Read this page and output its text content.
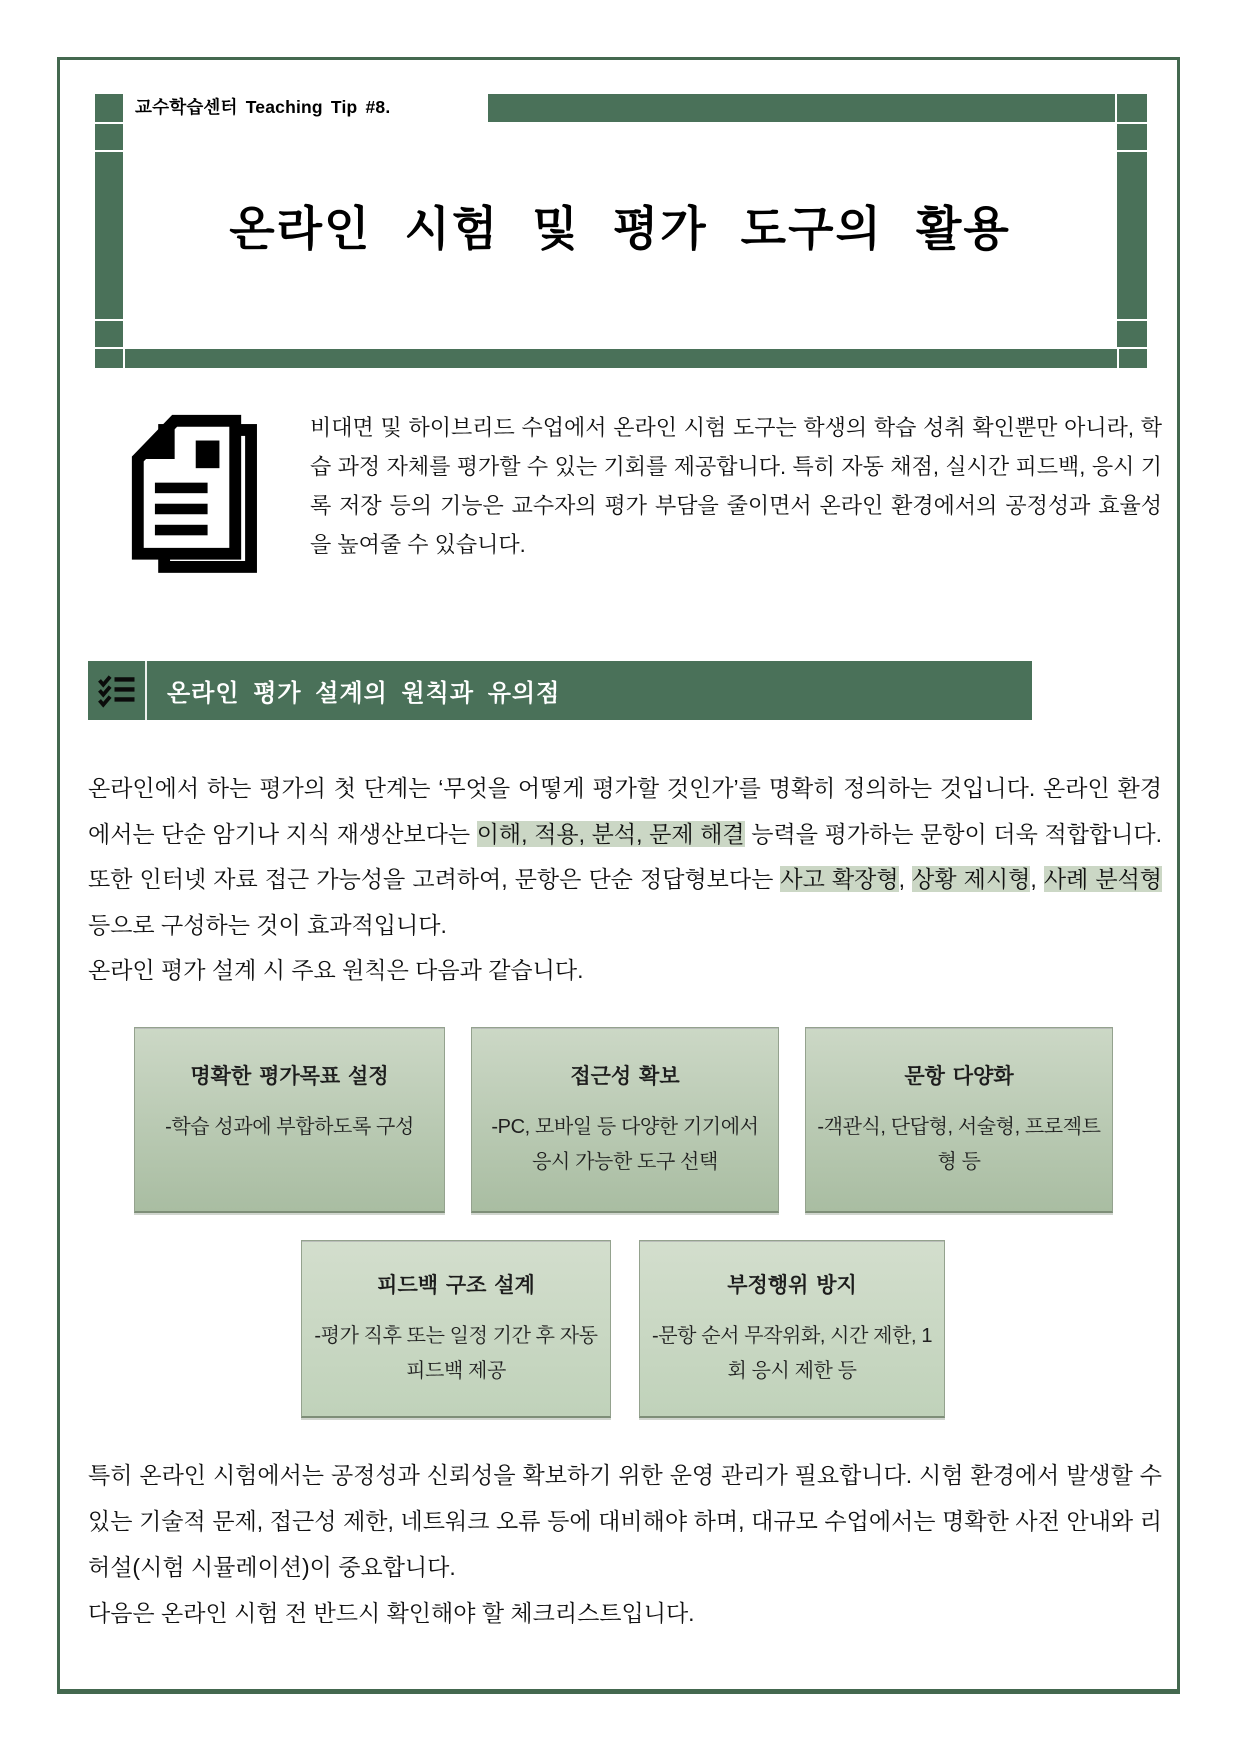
교수학습센터 Teaching Tip #8.
온라인 시험 및 평가 도구의 활용

비대면 및 하이브리드 수업에서 온라인 시험 도구는 학생의 학습 성취 확인뿐만 아니라, 학습 과정 자체를 평가할 수 있는 기회를 제공합니다. 특히 자동 채점, 실시간 피드백, 응시 기록 저장 등의 기능은 교수자의 평가 부담을 줄이면서 온라인 환경에서의 공정성과 효율성을 높여줄 수 있습니다.

온라인 평가 설계의 원칙과 유의점

온라인에서 하는 평가의 첫 단계는 ‘무엇을 어떻게 평가할 것인가’를 명확히 정의하는 것입니다. 온라인 환경에서는 단순 암기나 지식 재생산보다는 이해, 적용, 분석, 문제 해결 능력을 평가하는 문항이 더욱 적합합니다. 또한 인터넷 자료 접근 가능성을 고려하여, 문항은 단순 정답형보다는 사고 확장형, 상황 제시형, 사례 분석형 등으로 구성하는 것이 효과적입니다.

온라인 평가 설계 시 주요 원칙은 다음과 같습니다.

명확한 평가목표 설정
-학습 성과에 부합하도록 구성
접근성 확보
-PC, 모바일 등 다양한 기기에서 응시 가능한 도구 선택
문항 다양화
-객관식, 단답형, 서술형, 프로젝트형 등
피드백 구조 설계
-평가 직후 또는 일정 기간 후 자동 피드백 제공
부정행위 방지
-문항 순서 무작위화, 시간 제한, 1회 응시 제한 등

특히 온라인 시험에서는 공정성과 신뢰성을 확보하기 위한 운영 관리가 필요합니다. 시험 환경에서 발생할 수 있는 기술적 문제, 접근성 제한, 네트워크 오류 등에 대비해야 하며, 대규모 수업에서는 명확한 사전 안내와 리허설(시험 시뮬레이션)이 중요합니다.

다음은 온라인 시험 전 반드시 확인해야 할 체크리스트입니다.
